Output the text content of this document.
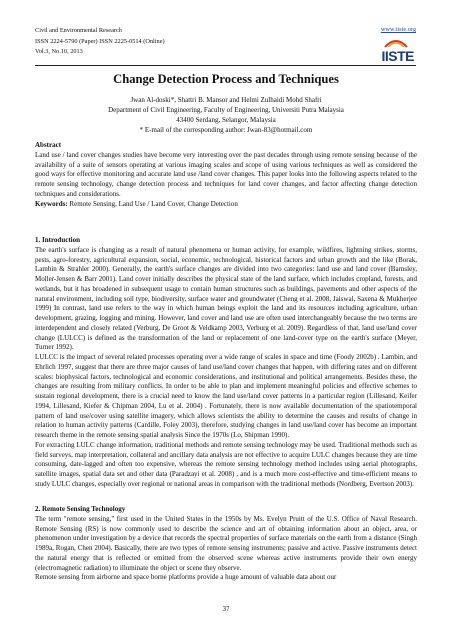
Civil and Environmental Research
ISSN 2224-5790 (Paper) ISSN 2225-0514 (Online)
Vol.3, No.10, 2013
www.iiste.org
IISTE
Change Detection Process and Techniques
Jwan Al-doski*, Shattri B. Mansor and Helmi Zulhaidi Mohd Shafri
Department of Civil Engineering, Faculty of Engineering, Universiti Putra Malaysia
43400 Serdang, Selangor, Malaysia
* E-mail of the corresponding author: Jwan-83@hotmail.com

Abstract

Land use / land cover changes studies have become very interesting over the past decades through using remote sensing because of the availability of a suite of sensors operating at various imaging scales and scope of using various techniques as well as considered the good ways for effective monitoring and accurate land use /land cover changes. This paper looks into the following aspects related to the remote sensing technology, change detection process and techniques for land cover changes, and factor affecting change detection techniques and considerations.

Keywords: Remote Sensing, Land Use / Land Cover, Change Detection

1. Introduction

The earth's surface is changing as a result of natural phenomena or human activity, for example, wildfires, lightning strikes, storms, pests, agro-forestry, agricultural expansion, social, economic, technological, historical factors and urban growth and the like (Borak, Lambin & Strahler 2000). Generally, the earth's surface changes are divided into two categories: land use and land cover (Barnsley, Moller-Jensen & Barr 2001). Land cover initially describes the physical state of the land surface, which includes cropland, forests, and wetlands, but it has broadened in subsequent usage to contain human structures such as buildings, pavements and other aspects of the natural environment, including soil type, biodiversity, surface water and groundwater (Cheng et al. 2008, Jaiswal, Saxena & Mukherjee 1999) In contrast, land use refers to the way in which human beings exploit the land and its resources including agriculture, urban development, grazing, logging and mining. However, land cover and land use are often used interchangeably because the two terms are interdependent and closely related (Verburg, De Groot & Veldkamp 2003, Verburg et al. 2009). Regardless of that, land use/land cover change (LULCC) is defined as the transformation of the land or replacement of one land-cover type on the earth's surface (Meyer, Turner 1992).

LULCC is the impact of several related processes operating over a wide range of scales in space and time (Foody 2002b) . Lambin, and Ehrlich 1997, suggest that there are three major causes of land use/land cover changes that happen, with differing rates and on different scales: biophysical factors, technological and economic considerations, and institutional and political arrangements. Besides these, the changes are resulting from military conflicts. In order to be able to plan and implement meaningful policies and effective schemes to sustain regional development, there is a crucial need to know the land use/land cover patterns in a particular region (Lillesand, Keifer 1994, Lillesand, Kiefer & Chipman 2004, Lu et al. 2004) . Fortunately, there is now available documentation of the spatiotemporal pattern of land use/cover using satellite imagery, which allows scientists the ability to determine the causes and results of change in relation to human activity patterns (Cardille, Foley 2003), therefore, studying changes in land use/land cover has become an important research theme in the remote sensing spatial analysis Since the 1970s (Lo, Shipman 1990).

For extracting LULC change information, traditional methods and remote sensing technology may be used. Traditional methods such as field surveys, map interpretation, collateral and ancillary data analysis are not effective to acquire LULC changes because they are time consuming, date-lagged and often too expensive, whereas the remote sensing technology method includes using aerial photographs, satellite images, spatial data set and other data (Paradzayi et al. 2008) , and is a much more cost-effective and time-efficient means to study LULC changes, especially over regional or national areas in comparison with the traditional methods (Nordberg, Evertson 2003).

2. Remote Sensing Technology

The term "remote sensing," first used in the United States in the 1950s by Ms. Evelyn Pruitt of the U.S. Office of Naval Research. Remote Sensing (RS) is now commonly used to describe the science and art of obtaining information about an object, area, or phenomenon under investigation by a device that records the spectral properties of surface materials on the earth from a distance (Singh 1989a, Rogan, Chen 2004). Basically, there are two types of remote sensing instruments; passive and active. Passive instruments detect the natural energy that is reflected or emitted from the observed scene whereas active instruments provide their own energy (electromagnetic radiation) to illuminate the object or scene they observe.

Remote sensing from airborne and space borne platforms provide a huge amount of valuable data about our

37
